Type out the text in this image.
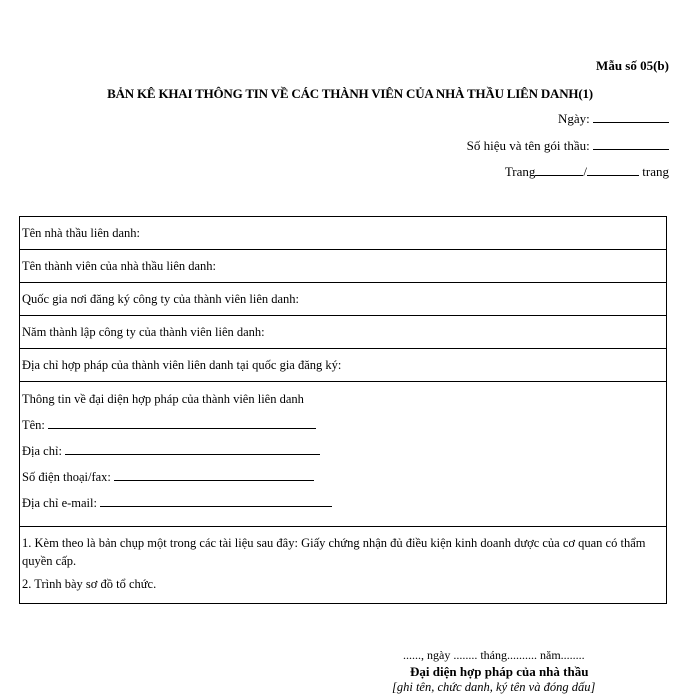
Mẫu số 05(b)
BẢN KÊ KHAI THÔNG TIN VỀ CÁC THÀNH VIÊN CỦA NHÀ THẦU LIÊN DANH(1)
Ngày:
Số hiệu và tên gói thầu:
Trang	/	trang
Tên nhà thầu liên danh:
Tên thành viên của nhà thầu liên danh:
Quốc gia nơi đăng ký công ty của thành viên liên danh:
Năm thành lập công ty của thành viên liên danh:
Địa chỉ hợp pháp của thành viên liên danh tại quốc gia đăng ký:

Thông tin về đại diện hợp pháp của thành viên liên danh
Tên:
Địa chỉ:
Số điện thoại/fax:
Địa chỉ e-mail:

1. Kèm theo là bản chụp một trong các tài liệu sau đây: Giấy chứng nhận đủ điều kiện kinh doanh dược của cơ quan có thẩm quyền cấp.

2. Trình bày sơ đồ tổ chức.

......, ngày ........ tháng.......... năm........
Đại diện hợp pháp của nhà thầu
[ghi tên, chức danh, ký tên và đóng dấu]
